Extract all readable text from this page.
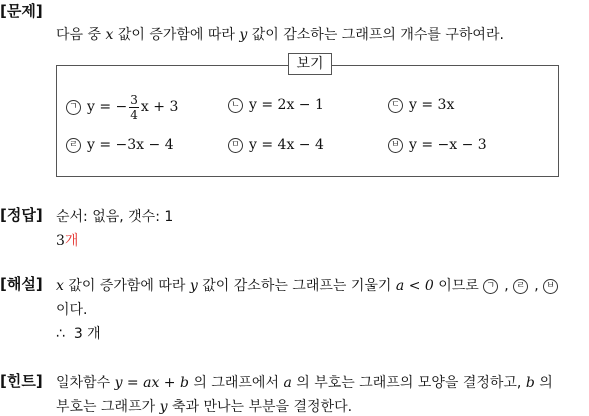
[문제]
다음 중 x 값이 증가함에 따라 y 값이 감소하는 그래프의 개수를 구하여라.
보기
ㄱ y = − $\frac{3}{4}$ x + 3	ㄴ y = 2x − 1	ㄷ y = 3x
ㄹ y = −3x − 4	ㅁ y = 4x − 4	ㅂ y = −x − 3
[정답] 순서: 없음, 갯수: 1
3개
[해설] x 값이 증가함에 따라 y 값이 감소하는 그래프는 기울기 a < 0 이므로 ㄱ , ㄹ , ㅂ
이다.
∴ 3 개
[힌트] 일차함수 y = ax + b 의 그래프에서 a 의 부호는 그래프의 모양을 결정하고, b 의
부호는 그래프가 y 축과 만나는 부분을 결정한다.
